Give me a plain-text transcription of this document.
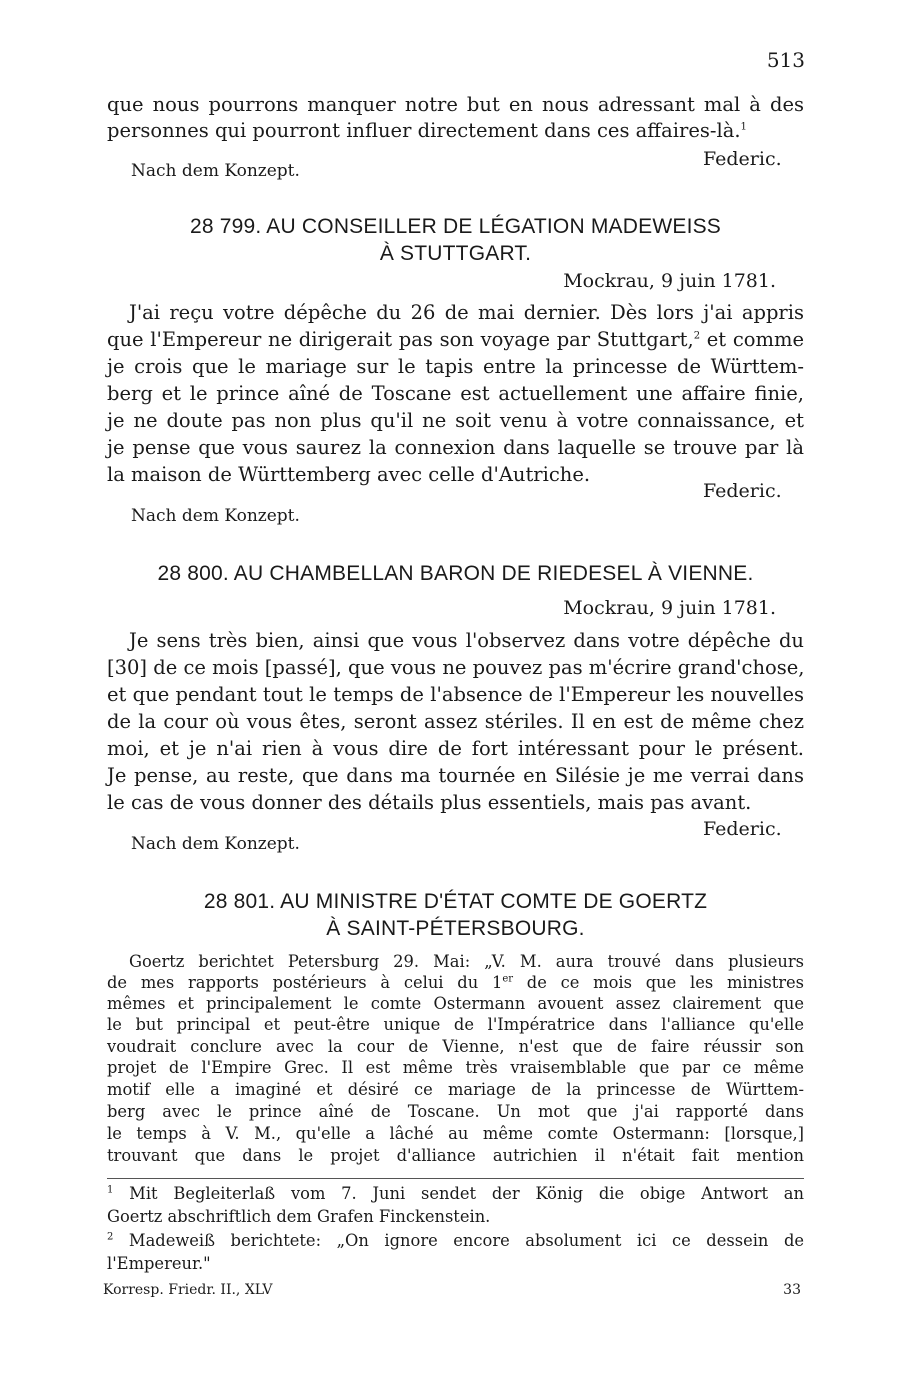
513
que nous pourrons manquer notre but en nous adressant mal à des
personnes qui pourront influer directement dans ces affaires-là.$^1$
Federic.
Nach dem Konzept.
28 799. AU CONSEILLER DE LÉGATION MADEWEISS
À STUTTGART.
Mockrau, 9 juin 1781.
J'ai reçu votre dépêche du 26 de mai dernier. Dès lors j'ai appris
que l'Empereur ne dirigerait pas son voyage par Stuttgart,$^2$ et comme
je crois que le mariage sur le tapis entre la princesse de Württem-
berg et le prince aîné de Toscane est actuellement une affaire finie,
je ne doute pas non plus qu'il ne soit venu à votre connaissance, et
je pense que vous saurez la connexion dans laquelle se trouve par là
la maison de Württemberg avec celle d'Autriche.
Federic.
Nach dem Konzept.
28 800. AU CHAMBELLAN BARON DE RIEDESEL À VIENNE.
Mockrau, 9 juin 1781.
Je sens très bien, ainsi que vous l'observez dans votre dépêche du
[30] de ce mois [passé], que vous ne pouvez pas m'écrire grand'chose,
et que pendant tout le temps de l'absence de l'Empereur les nouvelles
de la cour où vous êtes, seront assez stériles. Il en est de même chez
moi, et je n'ai rien à vous dire de fort intéressant pour le présent.
Je pense, au reste, que dans ma tournée en Silésie je me verrai dans
le cas de vous donner des détails plus essentiels, mais pas avant.
Federic.
Nach dem Konzept.
28 801. AU MINISTRE D'ÉTAT COMTE DE GOERTZ
À SAINT-PÉTERSBOURG.
Goertz berichtet Petersburg 29. Mai: „V. M. aura trouvé dans plusieurs
de mes rapports postérieurs à celui du 1er de ce mois que les ministres
mêmes et principalement le comte Ostermann avouent assez clairement que
le but principal et peut-être unique de l'Impératrice dans l'alliance qu'elle
voudrait conclure avec la cour de Vienne, n'est que de faire réussir son
projet de l'Empire Grec. Il est même très vraisemblable que par ce même
motif elle a imaginé et désiré ce mariage de la princesse de Württem-
berg avec le prince aîné de Toscane. Un mot que j'ai rapporté dans
le temps à V. M., qu'elle a lâché au même comte Ostermann: [lorsque,]
trouvant que dans le projet d'alliance autrichien il n'était fait mention
$^1$ Mit Begleiterlaß vom 7. Juni sendet der König die obige Antwort an
Goertz abschriftlich dem Grafen Finckenstein.
$^2$ Madeweiß berichtete: „On ignore encore absolument ici ce dessein de
l'Empereur."
Korresp. Friedr. II., XLV	33
